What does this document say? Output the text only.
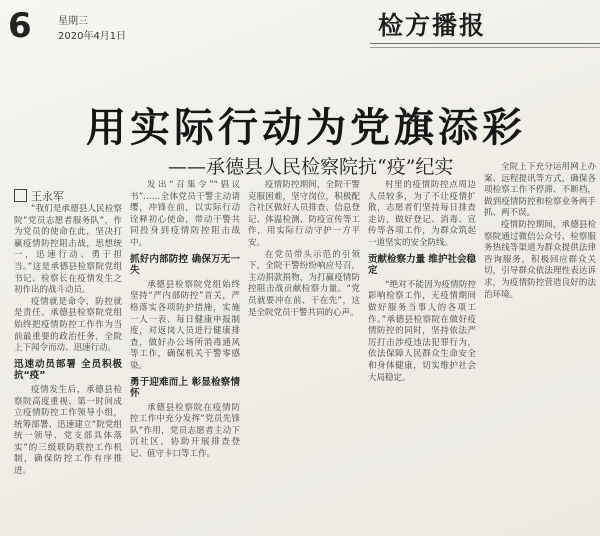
6	星期三
2020年4月1日	检方播报
用实际行动为党旗添彩
——承德县人民检察院抗“疫”纪实
王永军

“我们是承德县人民检察院”党员志愿者服务队”，作为党员的使命在此，坚决打赢疫情防控阻击战，思想统一，迅速行动、勇于担当。”这是承德县检察院党组书记、检察长在疫情发生之初作出的战斗动员。

疫情就是命令，防控就是责任。承德县检察院党组始终把疫情防控工作作为当前最重要的政治任务，全院上下闻令而动、迅速行动。

迅速动员部署 全员积极抗“疫”

疫情发生后，承德县检察院高度重视、第一时间成立疫情防控工作领导小组，统筹部署、迅速建立“院党组统一领导、党支部具体落实”的三级联防联控工作机制，确保防控工作有序推进。

发出“召集令”“倡议书”……全体党员干警主动请缨，冲锋在前，以实际行动诠释初心使命，带动干警共同投身到疫情防控阻击战中。

抓好内部防控 确保万无一失

承德县检察院党组始终坚持“严内部防控”首关，严格落实各项防护措施，实施一人一表、每日健康申报制度，对返岗人员进行健康排查，做好办公场所消毒通风等工作，确保机关干警零感染。

勇于迎难而上 彰显检察情怀

承德县检察院在疫情防控工作中充分发挥“党员先锋队”作用，党员志愿者主动下沉社区，协助开展排查登记、值守卡口等工作。

疫情防控期间，全院干警克服困难，坚守岗位，积极配合社区做好人员排查、信息登记、体温检测、防疫宣传等工作，用实际行动守护一方平安。

在党员带头示范的引领下，全院干警纷纷响应号召，主动捐款捐物，为打赢疫情防控阻击战贡献检察力量。“党员就要冲在前、干在先”，这是全院党员干警共同的心声。

村里的疫情防控点周边人员较多，为了不让疫情扩散，志愿者们坚持每日排查走访，做好登记、消毒、宣传等各项工作，为群众筑起一道坚实的安全防线。

贡献检察力量 维护社会稳定

“绝对不能因为疫情防控影响检察工作，无疫情期间做好服务当事人的各项工作。”承德县检察院在做好疫情防控的同时，坚持依法严厉打击涉疫违法犯罪行为，依法保障人民群众生命安全和身体健康，切实维护社会大局稳定。

全院上下充分运用网上办案、远程提讯等方式，确保各项检察工作不停滞、不断档，做到疫情防控和检察业务两手抓、两不误。

疫情防控期间，承德县检察院通过微信公众号、检察服务热线等渠道为群众提供法律咨询服务，积极回应群众关切，引导群众依法理性表达诉求，为疫情防控营造良好的法治环境。
